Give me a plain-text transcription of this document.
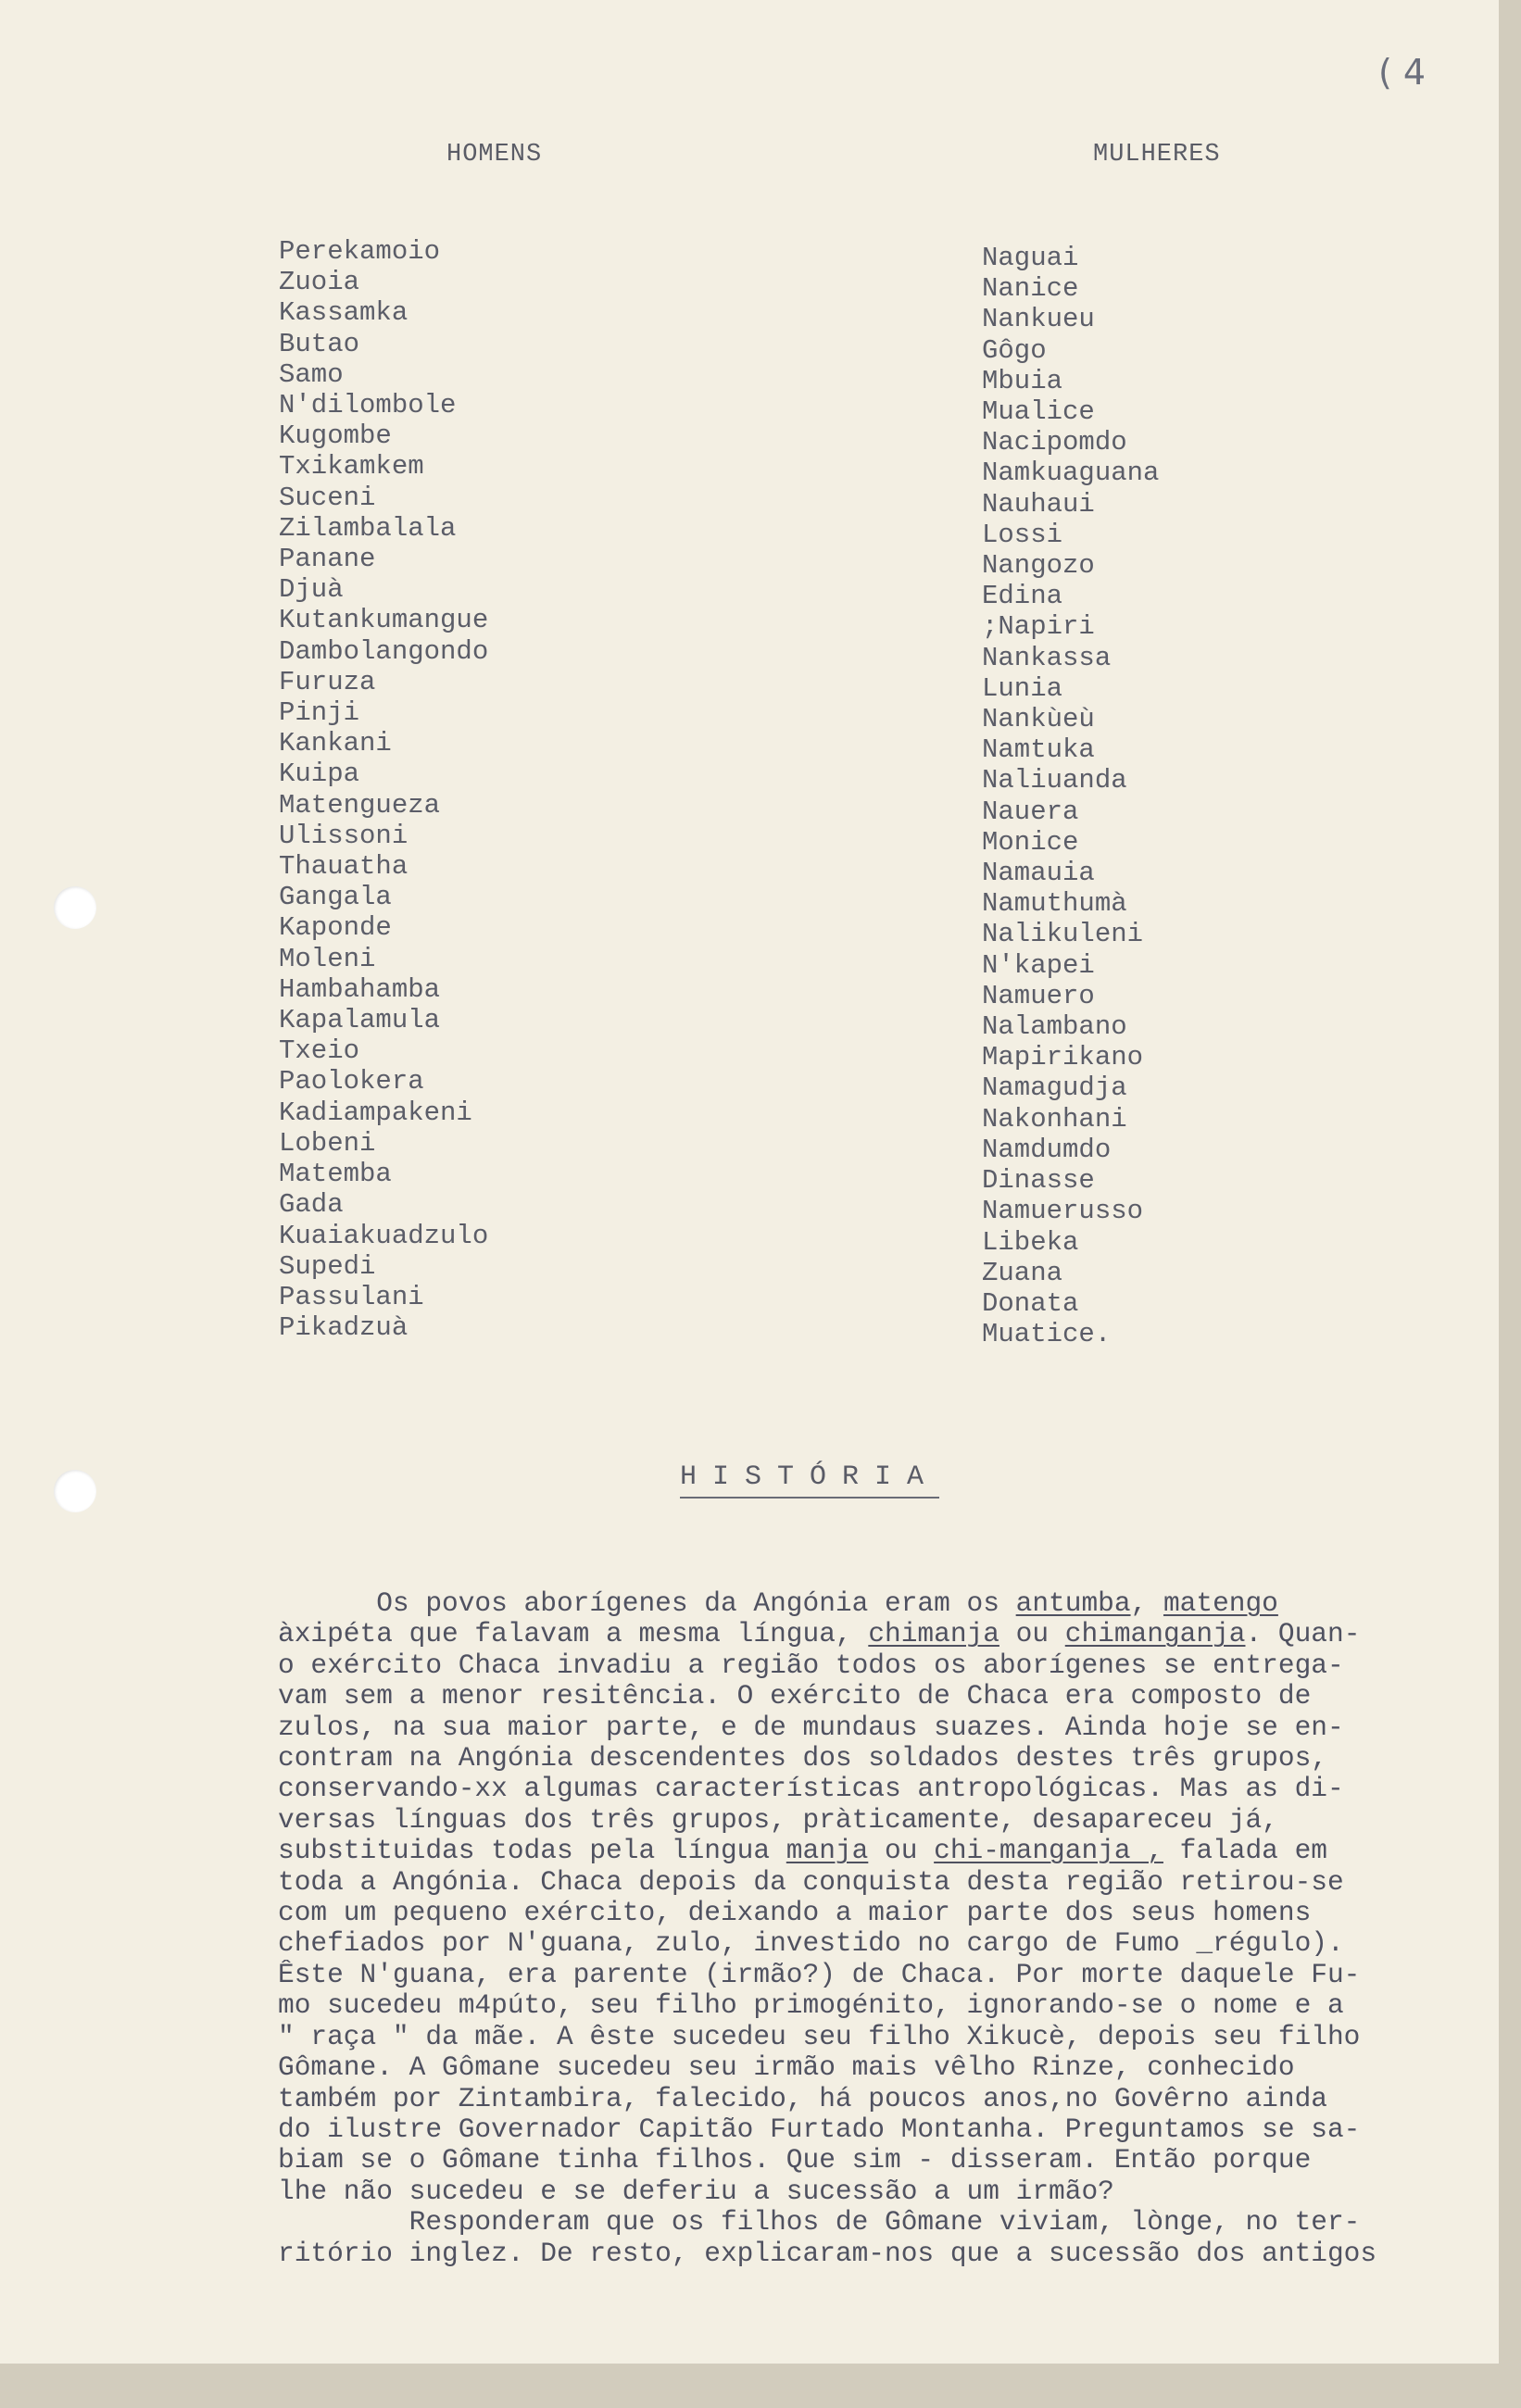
( 4
HOMENS	MULHERES
Perekamoio
Zuoia
Kassamka
Butao
Samo
N'dilombole
Kugombe
Txikamkem
Suceni
Zilambalala
Panane
Djuà
Kutankumangue
Dambolangondo
Furuza
Pinji
Kankani
Kuipa
Matengueza
Ulissoni
Thauatha
Gangala
Kaponde
Moleni
Hambahamba
Kapalamula
Txeio
Paolokera
Kadiampakeni
Lobeni
Matemba
Gada
Kuaiakuadzulo
Supedi
Passulani
Pikadzuà
Naguai
Nanice
Nankueu
Gôgo
Mbuia
Mualice
Nacipomdo
Namkuaguana
Nauhaui
Lossi
Nangozo
Edina
;Napiri
Nankassa
Lunia
Nankùeù
Namtuka
Naliuanda
Nauera
Monice
Namauia
Namuthumà
Nalikuleni
N'kapei
Namuero
Nalambano
Mapirikano
Namagudja
Nakonhani
Namdumdo
Dinasse
Namuerusso
Libeka
Zuana
Donata
Muatice.
HISTÓRIA

Os povos aborígenes da Angónia eram os antumba, matengo

àxipéta que falavam a mesma língua, chimanja ou chimanganja. Quan-

o exército Chaca invadiu a região todos os aborígenes se entrega-

vam sem a menor resitência. O exército de Chaca era composto de

zulos, na sua maior parte, e de mundaus suazes. Ainda hoje se en-

contram na Angónia descendentes dos soldados destes três grupos,

conservando-xx algumas características antropológicas. Mas as di-

versas línguas dos três grupos, pràticamente, desapareceu já,

substituidas todas pela língua manja ou chi-manganja , falada em

toda a Angónia. Chaca depois da conquista desta região retirou-se

com um pequeno exército, deixando a maior parte dos seus homens

chefiados por N'guana, zulo, investido no cargo de Fumo _régulo).

Êste N'guana, era parente (irmão?) de Chaca. Por morte daquele Fu-

mo sucedeu m4púto, seu filho primogénito, ignorando-se o nome e a

" raça " da mãe. A êste sucedeu seu filho Xikucè, depois seu filho

Gômane. A Gômane sucedeu seu irmão mais vêlho Rinze, conhecido

também por Zintambira, falecido, há poucos anos,no Govêrno ainda

do ilustre Governador Capitão Furtado Montanha. Preguntamos se sa-

biam se o Gômane tinha filhos. Que sim - disseram. Então porque

lhe não sucedeu e se deferiu a sucessão a um irmão?

Responderam que os filhos de Gômane viviam, lònge, no ter-

ritório inglez. De resto, explicaram-nos que a sucessão dos antigos
